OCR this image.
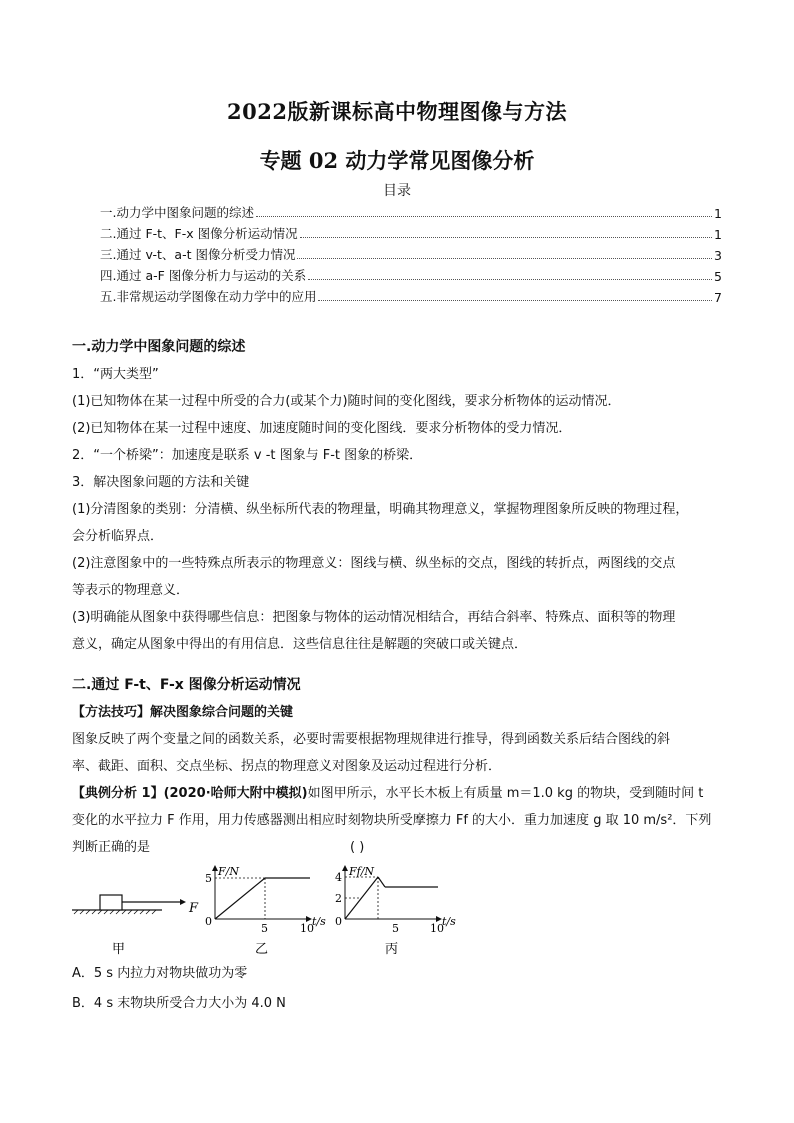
2022版新课标高中物理图像与方法
专题 02 动力学常见图像分析
目录
一.动力学中图象问题的综述	1
二.通过 F-t、F-x 图像分析运动情况	1
三.通过 v-t、a-t 图像分析受力情况	3
四.通过 a-F 图像分析力与运动的关系	5
五.非常规运动学图像在动力学中的应用	7
一.动力学中图象问题的综述
1．“两大类型”
(1)已知物体在某一过程中所受的合力(或某个力)随时间的变化图线，要求分析物体的运动情况．
(2)已知物体在某一过程中速度、加速度随时间的变化图线．要求分析物体的受力情况．
2．“一个桥梁”：加速度是联系 v -t 图象与 F-t 图象的桥梁．
3．解决图象问题的方法和关键
(1)分清图象的类别：分清横、纵坐标所代表的物理量，明确其物理意义，掌握物理图象所反映的物理过程，
会分析临界点．
(2)注意图象中的一些特殊点所表示的物理意义：图线与横、纵坐标的交点，图线的转折点，两图线的交点
等表示的物理意义．
(3)明确能从图象中获得哪些信息：把图象与物体的运动情况相结合，再结合斜率、特殊点、面积等的物理
意义，确定从图象中得出的有用信息．这些信息往往是解题的突破口或关键点．
二.通过 F-t、F-x 图像分析运动情况
【方法技巧】解决图象综合问题的关键
图象反映了两个变量之间的函数关系，必要时需要根据物理规律进行推导，得到函数关系后结合图线的斜
率、截距、面积、交点坐标、拐点的物理意义对图象及运动过程进行分析．
【典例分析 1】(2020·哈师大附中模拟)如图甲所示，水平长木板上有质量 m＝1.0 kg 的物块，受到随时间 t
变化的水平拉力 F 作用，用力传感器测出相应时刻物块所受摩擦力 Ff 的大小．重力加速度 g 取 10 m/s²．下列
判断正确的是	( )
F
甲
F/N
5
0
5	10
t/s
乙
Ff/N
4
2
0
5	10
t/s
丙
A．5 s 内拉力对物块做功为零
B．4 s 末物块所受合力大小为 4.0 N
